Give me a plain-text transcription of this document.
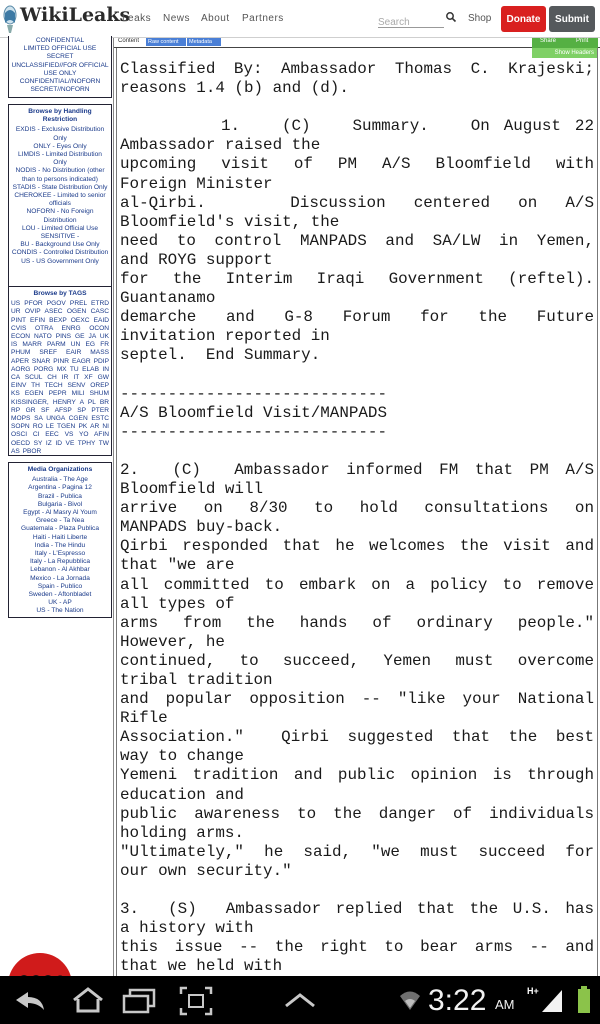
WikiLeaks
Leaks News About Partners
Search	Shop	Donate	Submit
CONFIDENTIAL
LIMITED OFFICIAL USE
SECRET
UNCLASSIFIED//FOR OFFICIAL USE ONLY
CONFIDENTIAL//NOFORN
SECRET//NOFORN
Browse by Handling Restriction
EXDIS - Exclusive Distribution Only
ONLY - Eyes Only
LIMDIS - Limited Distribution Only
NODIS - No Distribution (other than to persons indicated)
STADIS - State Distribution Only
CHEROKEE - Limited to senior officials
NOFORN - No Foreign Distribution
LOU - Limited Official Use
SENSITIVE -
BU - Background Use Only
CONDIS - Controlled Distribution
US - US Government Only
Browse by TAGS
US PFOR PGOV PREL ETRD UR OVIP ASEC OGEN CASC PINT EFIN BEXP OEXC EAID CVIS OTRA ENRG OCON ECON NATO PINS GE JA UK IS MARR PARM UN EG FR PHUM SREF EAIR MASS APER SNAR PINR EAGR PDIP AORG PORG MX TU ELAB IN CA SCUL CH IR IT XF GW EINV TH TECH SENV OREP KS EGEN PEPR MILI SHUM KISSINGER, HENRY A PL BR RP GR SF AFSP SP PTER MOPS SA UNGA CGEN ESTC SOPN RO LE TGEN PK AR NI OSCI CI EEC VS YO AFIN OECD SY IZ ID VE TPHY TW AS PBOR
Media Organizations
Australia - The Age
Argentina - Pagina 12
Brazil - Publica
Bulgaria - Bivol
Egypt - Al Masry Al Youm
Greece - Ta Nea
Guatemala - Plaza Publica
Haiti - Haiti Liberte
India - The Hindu
Italy - L'Espresso
Italy - La Repubblica
Lebanon - Al Akhbar
Mexico - La Jornada
Spain - Publico
Sweden - Aftonbladet
UK - AP
US - The Nation
Content	Raw content	Metadata	Share	Print
Show Headers
Classified By: Ambassador Thomas C. Krajeski;
reasons 1.4 (b) and (d).
1.   (C)   Summary.   On August 22
Ambassador raised the
upcoming visit of PM A/S Bloomfield with
Foreign Minister
al-Qirbi.   Discussion centered on A/S
Bloomfield's visit, the
need to control MANPADS and SA/LW in Yemen,
and ROYG support
for the Interim Iraqi Government (reftel).
Guantanamo
demarche and G-8 Forum for the Future
invitation reported in
septel.  End Summary.
----------------------------
A/S Bloomfield Visit/MANPADS
----------------------------
2.  (C)  Ambassador informed FM that PM A/S
Bloomfield will
arrive on 8/30 to hold consultations on
MANPADS buy-back.
Qirbi responded that he welcomes the visit and
that "we are
all committed to embark on a policy to remove
all types of
arms from the hands of ordinary people."
However, he
continued, to succeed, Yemen must overcome
tribal tradition
and popular opposition -- "like your National
Rifle
Association."  Qirbi suggested that the best
way to change
Yemeni tradition and public opinion is through
education and
public awareness to the danger of individuals
holding arms.
"Ultimately," he said, "we must succeed for
our own security."
3.  (S)  Ambassador replied that the U.S. has
a history with
this issue -- the right to bear arms -- and
that we held with
3:22 AM
H+
